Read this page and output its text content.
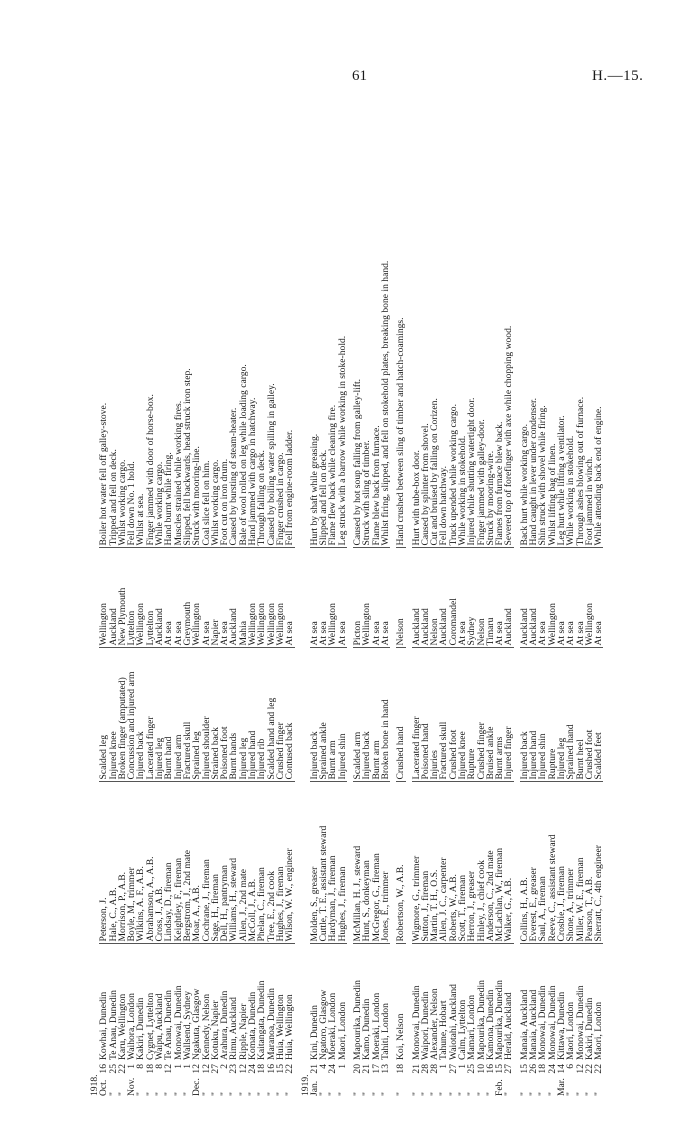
61	H.—15.
1918.						
Oct.	16	Kowhai, Dunedin	Peterson, J.	Scalded leg	Wellington	Boiler hot water fell off galley-stove.
"	25	Te Anau, Dunedin	Hale, C., A.B.	Injured knee	Auckland	Tripped and fell on deck.
"	22	Karu, Wellington	Morrison, P., A.B.	Broken finger (amputated)	New Plymouth	Whilst working cargo.
Nov.	1	Waihora, London	Boyle, M., trimmer	Concussion and injured arm	Lyttelton	Fell down No. 1 hold.
"	8	Kakiri, Dunedin	Wilkins, A. F., A.B.	Injured back	Wellington	Whilst at sea.
"	18	Cygnet, Lyttelton	Abrahamson, A., A.B.	Lacerated finger	Lyttelton	Finger jammed with door of horse-box.
"	8	Waipu, Auckland	Cross, J., A.B.	Injured leg	Auckland	While working cargo.
"	12	Te Anau, Dunedin	Lindsay, D., fireman	Burnt hand	At sea	Hand burnt while firing.
"	1	Monowai, Dunedin	Keightley, F., fireman	Injured arm	At sea	Muscles strained while working fires.
"	1	Wallsend, Sydney	Bergstrom, J., 2nd mate	Fractured skull	Greymouth	Slipped, fell backwards, head struck iron step.
Dec.	12	Ngakuta, Glasgow	Moar, A., A.B.	Sprained leg	Wellington	Struck with mooring-line.
"	12	Kennedy, Nelson	Cochrane, J., fireman	Injured shoulder	At sea	Coal slice fell on him.
"	27	Kotuku, Napier	Sage, H., fireman	Strained back	Napier	Whilst working cargo.
"	2	Arahura, Dunedin	Dell, H., pantryman	Poisoned foot	At sea	Foot cut on iron drum.
"	23	Rimu, Auckland	Williams, H., steward	Burnt hands	Auckland	Caused by bursting of steam-heater.
"	12	Ripple, Napier	Allen, J., 2nd mate	Injured leg	Mahia	Bale of wool rolled on leg while loading cargo.
"	24	Komata, Dunedin	McColl, J., A.B.	Injured hand	Wellington	Hand jammed with cargo in hatchway.
"	18	Kaitangata, Dunedin	Phelan, C., fireman	Injured rib	Wellington	Through falling on deck.
"	16	Maranoa, Dunedin	Tree, E., 2nd cook	Scalded hand and leg	Wellington	Caused by boiling water spilling in galley.
"	15	Huia, Wellington	Hughes, J., fireman	Crushed finger	Wellington	Finger crushed in cargo.
"	22	Huia, Wellington	Wilson, W. W., engineer	Contused back	At sea	Fell from engine-room ladder.

1919.						
Jan.	21	Kini, Dunedin	Molden, S., greaser	Injured back	At sea	Hurt by shaft while greasing.
"	4	Ngatoro, Glasgow	Cuttle, T. E., assistant steward	Sprained ankle	At sea	Slipped and fell on deck.
"	24	Moeraki, London	Hardyman, J., fireman	Burnt arm	Wellington	Flame flew back while cleaning fire.
"	1	Maori, London	Hughes, J., fireman	Injured shin	At sea	Leg struck with a barrow while working in stoke-hold.

"	20	Mapourika, Dunedin	McMillan, H. J., steward	Scalded arm	Picton	Caused by hot soup falling from galley-lift.
"	21	Kamo, Dunedin	Hunt, S., donkeyman	Injured back	Wellington	Struck with sling of timber.
"	17	Moeraki, London	McGregor, G., fireman	Burnt arm	At sea	Flame blew back from furnace.
"	13	Tahiti, London	Jones, E., trimmer	Broken bone in hand	At sea	Whilst firing, slipped, and fell on stokehold plates, breaking bone in hand.

"	18	Koi, Nelson	Robertson, W., A.B.	Crushed hand	Nelson	Hand crushed between sling of timber and hatch-coamings.

"	21	Monowai, Dunedin	Wigmore, G., trimmer	Lacerated finger	Auckland	Hurt with tube-box door.
"	28	Waipori, Dunedin	Sutton, J., fireman	Poisoned hand	Auckland	Caused by splinter from shovel.
"	28	Alexander, Nelson	Martin, T. H., O.S.	Injuries	Nelson	Cut and bruised by falling on Corizen.
"	1	Tahune, Hobart	Allen, J. C., carpenter	Fractured skull	Auckland	Fell down hatchway.
"	27	Waiotahi, Auckland	Roberts, W., A.B.	Crushed foot	Coromandel	Truck upended while working cargo.
"	1	Calm, Lyttelton	Scott, T., fireman	Injured knee	At sea	While working in stokehold.
"	25	Mamari, London	Herron, J., greaser	Rupture	Sydney	Injured while shutting watertight door.
"	10	Mapourika, Dunedin	Hinley, J., chief cook	Crushed finger	Nelson	Finger jammed with galley-door.
"	16	Kamona, Dunedin	Anderson, C., 2nd mate	Bruised ankle	Timaru	Struck by mooring-wire.
Feb.	15	Mapourika, Dunedin	McLachlan, W., fireman	Burnt arms	At sea	Flames from furnace blew back.
"	27	Herald, Auckland	Walker, G., A.B.	Injured finger	Auckland	Severed top of forefinger with axe while chopping wood.

"	15	Manaia, Auckland	Collins, H., A.B.	Injured back	Auckland	Back hurt while working cargo.
"	26	Manaia, Auckland	Everest, E., greaser	Injured hand	Auckland	Hand caught in lever under condenser.
"	18	Monowai, Dunedin	Saul, A., fireman	Injured shin	At sea	Shin struck with shovel while firing.
"	24	Monowai, Dunedin	Reeve, C., assistant steward	Rupture	Wellington	Whilst lifting bag of linen.
Mar.	14	Kittawa, Dunedin	Crosbie, J., fireman	Injured leg	At sea	Leg hurt while lifting a ventilator.
"	6	Maori, London	Shone, A., trimmer	Sprained hand	At sea	While working in stokehold.
"	12	Monowai, Dunedin	Miller, W. E., fireman	Burnt heel	At sea	Through ashes blowing out of furnace.
"	22	Kakiri, Dunedin	Pearson, T., A.B.	Crushed foot	Wellington	Foot jammed in winch.
"	22	Maori, London	Sherratt, C., 4th engineer	Scalded feet	At sea	While attending back end of engine.
